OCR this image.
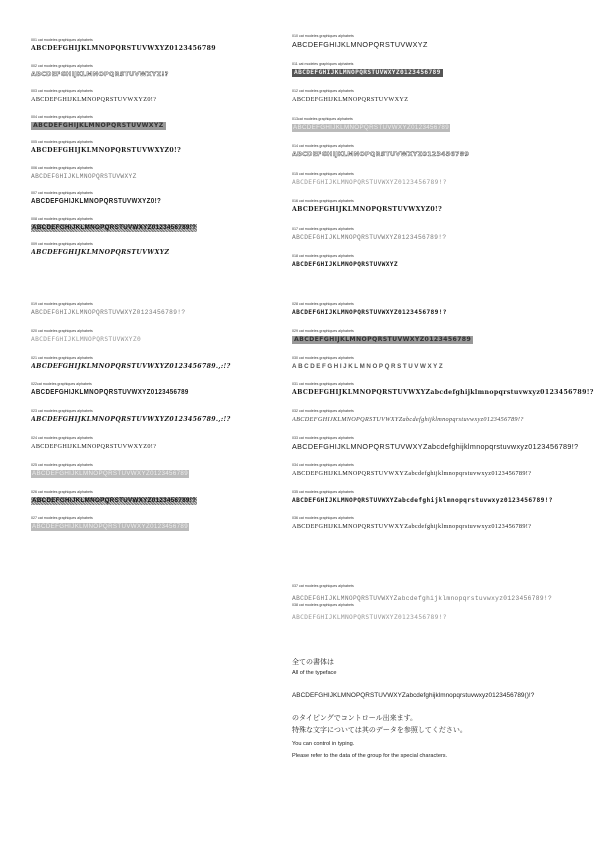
001 cat modeles graphiques alphabets
ABCDEFGHIJKLMNOPQRSTUVWXYZ0123456789
002 cat modeles graphiques alphabets
ABCDEFGHIJKLMNOPQRSTUVWXYZ!?
003 cat modeles graphiques alphabets
ABCDEFGHIJKLMNOPQRSTUVWXYZ0!?
004 cat modeles graphiques alphabets
ABCDEFGHIJKLMNOPQRSTUVWXYZ
005 cat modeles graphiques alphabets
ABCDEFGHIJKLMNOPQRSTUVWXYZ0!?
006 cat modeles graphiques alphabets
ABCDEFGHIJKLMNOPQRSTUVWXYZ
007 cat modeles graphiques alphabets
ABCDEFGHIJKLMNOPQRSTUVWXYZ0!?
008 cat modeles graphiques alphabets
ABCDEFGHIJKLMNOPQRSTUVWXYZ0123456789!?
009 cat modeles graphiques alphabets
ABCDEFGHIJKLMNOPQRSTUVWXYZ
010 cat modeles graphiques alphabets
ABCDEFGHIJKLMNOPQRSTUVWXYZ
011 cat modeles graphiques alphabets
ABCDEFGHIJKLMNOPQRSTUVWXYZ0123456789
012 cat modeles graphiques alphabets
ABCDEFGHIJKLMNOPQRSTUVWXYZ
013cat modeles graphiques alphabets
ABCDEFGHIJKLMNOPQRSTUVWXYZ0123456789
014 cat modeles graphiques alphabets
ABCDEFGHIJKLMNOPQRSTUVWXYZ0123456789
015 cat modeles graphiques alphabets
ABCDEFGHIJKLMNOPQRSTUVWXYZ0123456789!?
016 cat modeles graphiques alphabets
ABCDEFGHIJKLMNOPQRSTUVWXYZ0!?
017 cat modeles graphiques alphabets
ABCDEFGHIJKLMNOPQRSTUVWXYZ0123456789!?
018 cat modeles graphiques alphabets
ABCDEFGHIJKLMNOPQRSTUVWXYZ
019 cat modeles graphiques alphabets
ABCDEFGHIJKLMNOPQRSTUVWXYZ0123456789!?
020 cat modeles graphiques alphabets
ABCDEFGHIJKLMNOPQRSTUVWXYZ0
021 cat modeles graphiques alphabets
ABCDEFGHIJKLMNOPQRSTUVWXYZ0123456789.,:!?
022cat modeles graphiques alphabets
ABCDEFGHIJKLMNOPQRSTUVWXYZ0123456789
023 cat modeles graphiques alphabets
ABCDEFGHIJKLMNOPQRSTUVWXYZ0123456789.,:!?
024 cat modeles graphiques alphabets
ABCDEFGHIJKLMNOPQRSTUVWXYZ0!?
025 cat modeles graphiques alphabets
ABCDEFGHIJKLMNOPQRSTUVWXYZ0123456789
026 cat modeles graphiques alphabets
ABCDEFGHIJKLMNOPQRSTUVWXYZ0123456789!?
027 cat modeles graphiques alphabets
ABCDEFGHIJKLMNOPQRSTUVWXYZ0123456789
028 cat modeles graphiques alphabets
ABCDEFGHIJKLMNOPQRSTUVWXYZ0123456789!?
029 cat modeles graphiques alphabets
ABCDEFGHIJKLMNOPQRSTUVWXYZ0123456789
030 cat modeles graphiques alphabets
ABCDEFGHIJKLMNOPQRSTUVWXYZ
031 cat modeles graphiques alphabets
ABCDEFGHIJKLMNOPQRSTUVWXYZabcdefghijklmnopqrstuvwxyz0123456789!?
032 cat modeles graphiques alphabets
ABCDEFGHIJKLMNOPQRSTUVWXYZabcdefghijklmnopqrstuvwxyz0123456789!?
033 cat modeles graphiques alphabets
ABCDEFGHIJKLMNOPQRSTUVWXYZabcdefghijklmnopqrstuvwxyz0123456789!?
034 cat modeles graphiques alphabets
ABCDEFGHIJKLMNOPQRSTUVWXYZabcdefghijklmnopqrstuvwxyz0123456789!?
035 cat modeles graphiques alphabets
ABCDEFGHIJKLMNOPQRSTUVWXYZabcdefghijklmnopqrstuvwxyz0123456789!?
036 cat modeles graphiques alphabets
ABCDEFGHIJKLMNOPQRSTUVWXYZabcdefghijklmnopqrstuvwxyz0123456789!?
037 cat modeles graphiques alphabets
ABCDEFGHIJKLMNOPQRSTUVWXYZabcdefghijklmnopqrstuvwxyz0123456789!?
038 cat modeles graphiques alphabets
ABCDEFGHIJKLMNOPQRSTUVWXYZ0123456789!?
全ての書体は
All of the typeface
ABCDEFGHIJKLMNOPQRSTUVWXYZabcdefghijklmnopqrstuvwxyz0123456789()!?
のタイピングでコントロール出来ます。
特殊な文字については其のデータを参照してください。
You can control in typing.
Please refer to the data of the group for the special characters.
